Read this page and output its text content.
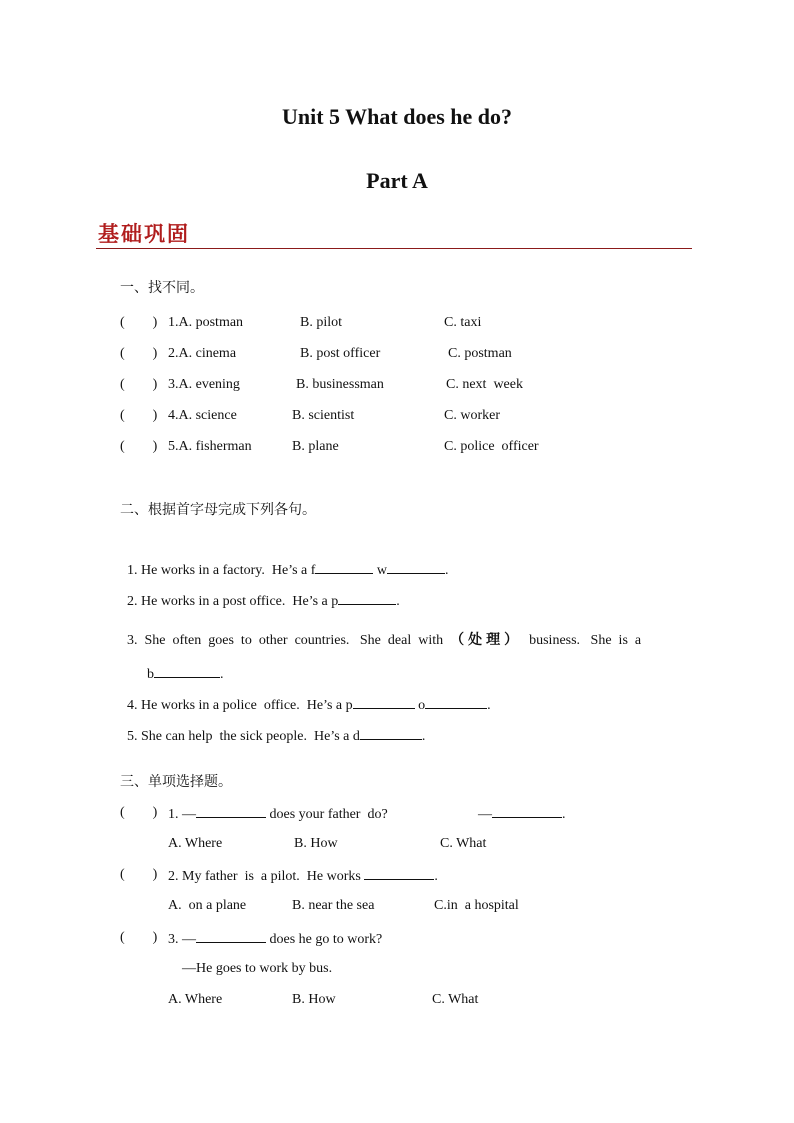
Unit 5 What does he do?
Part A
基础巩固
一、找不同。
(        ) 1.A. postman	B. pilot	C. taxi
(        ) 2.A. cinema	B. post officer	C. postman
(        ) 3.A. evening	B. businessman	C. next  week
(        ) 4.A. science	B. scientist	C. worker
(        ) 5.A. fisherman	B. plane	C. police  officer
二、根据首字母完成下列各句。

1. He works in a factory.  He’s a f	w	.

2. He works in a post office.  He’s a p	.

3.  She  often  goes  to  other  countries.   She  deal  with  （处理）  business.   She  is  a

b	.

4. He works in a police  office.  He’s a p	o	.

5. She can help  the sick people.  He’s a d	.

三、单项选择题。
(        ) 1. —	does your father  do?	—	.
A. Where	B. How	C. What
(        ) 2. My father  is  a pilot.  He works	.
A.  on a plane	B. near the sea	C.in  a hospital
(        ) 3. —	does he go to work?
—He goes to work by bus.
A. Where	B. How	C. What
